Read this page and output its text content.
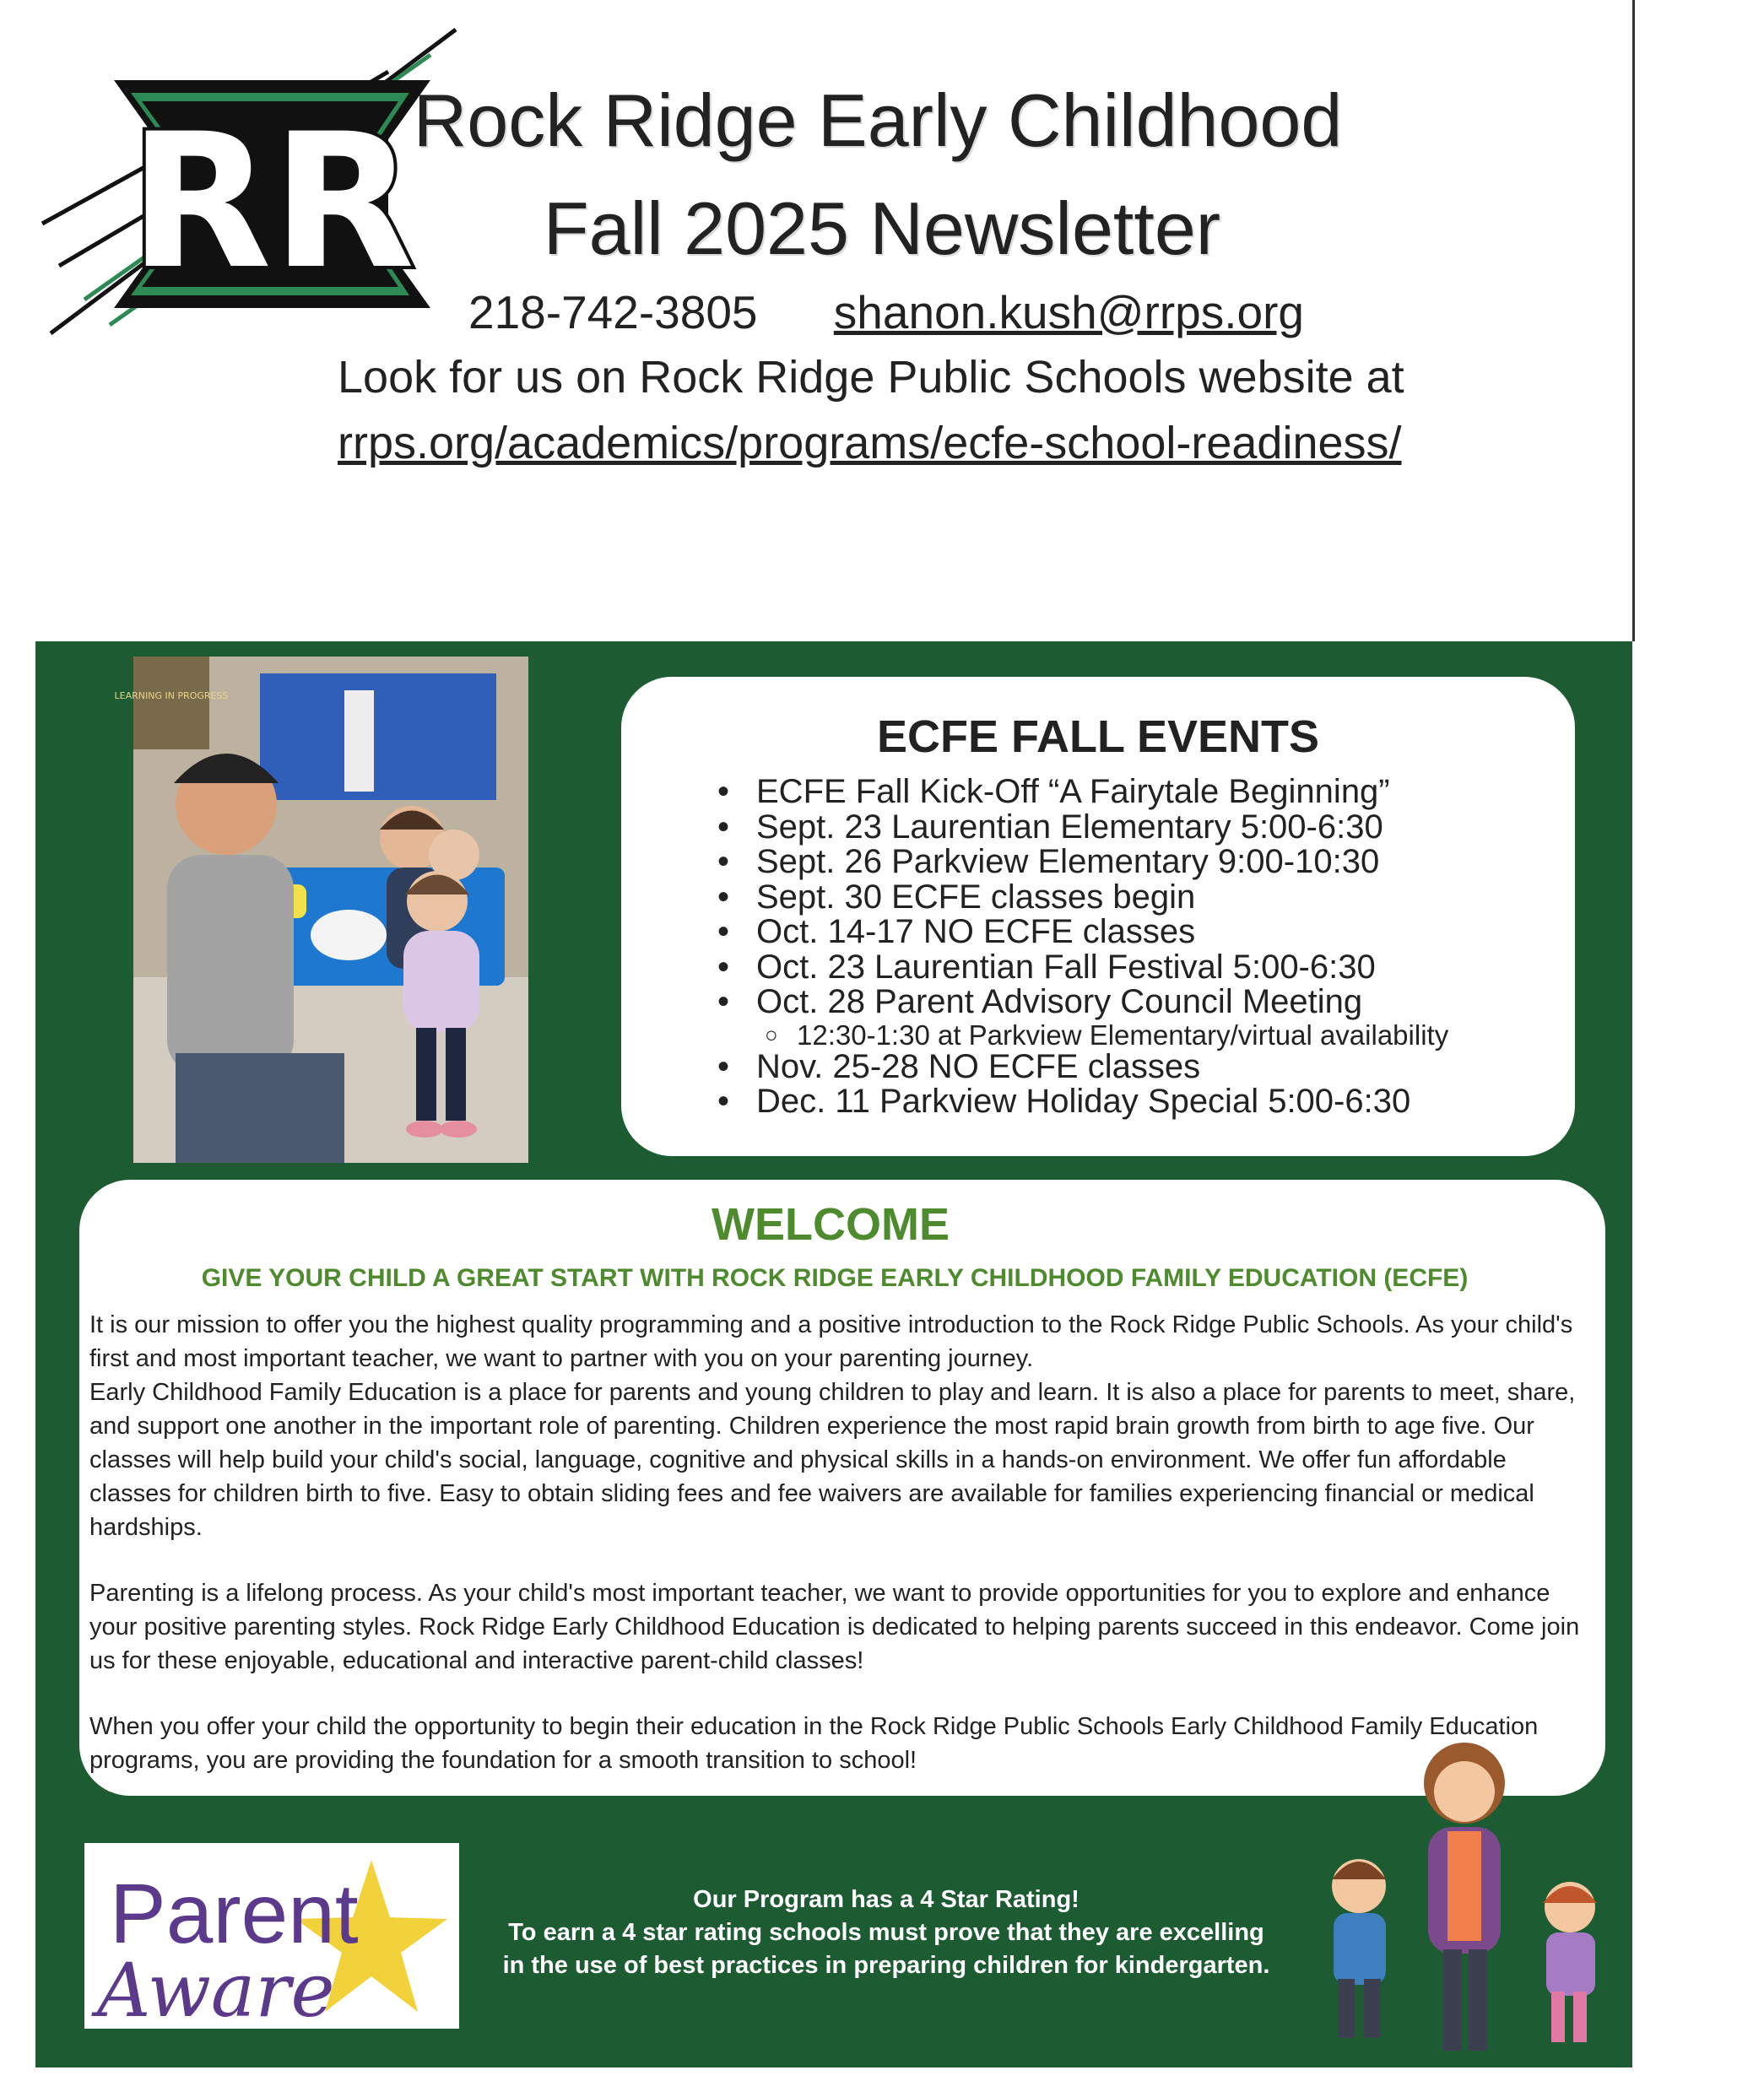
RR
Rock Ridge Early Childhood
Fall 2025 Newsletter
218-742-3805 shanon.kush@rrps.org
Look for us on Rock Ridge Public Schools website at
rrps.org/academics/programs/ecfe-school-readiness/
LEARNING IN PROGRESS
ECFE FALL EVENTS
• ECFE Fall Kick-Off “A Fairytale Beginning”
• Sept. 23 Laurentian Elementary 5:00-6:30
• Sept. 26 Parkview Elementary 9:00-10:30
• Sept. 30 ECFE classes begin
• Oct. 14-17 NO ECFE classes
• Oct. 23 Laurentian Fall Festival 5:00-6:30
• Oct. 28 Parent Advisory Council Meeting
○ 12:30-1:30 at Parkview Elementary/virtual availability
• Nov. 25-28 NO ECFE classes
• Dec. 11 Parkview Holiday Special 5:00-6:30
WELCOME
GIVE YOUR CHILD A GREAT START WITH ROCK RIDGE EARLY CHILDHOOD FAMILY EDUCATION (ECFE)

It is our mission to offer you the highest quality programming and a positive introduction to the Rock Ridge Public Schools. As your child's first and most important teacher, we want to partner with you on your parenting journey.

Early Childhood Family Education is a place for parents and young children to play and learn. It is also a place for parents to meet, share, and support one another in the important role of parenting. Children experience the most rapid brain growth from birth to age five. Our classes will help build your child's social, language, cognitive and physical skills in a hands-on environment. We offer fun affordable classes for children birth to five. Easy to obtain sliding fees and fee waivers are available for families experiencing financial or medical hardships.

Parenting is a lifelong process. As your child's most important teacher, we want to provide opportunities for you to explore and enhance your positive parenting styles. Rock Ridge Early Childhood Education is dedicated to helping parents succeed in this endeavor. Come join us for these enjoyable, educational and interactive parent-child classes!

When you offer your child the opportunity to begin their education in the Rock Ridge Public Schools Early Childhood Family Education programs, you are providing the foundation for a smooth transition to school!

Parent
Aware
Our Program has a 4 Star Rating!
To earn a 4 star rating schools must prove that they are excelling
in the use of best practices in preparing children for kindergarten.
